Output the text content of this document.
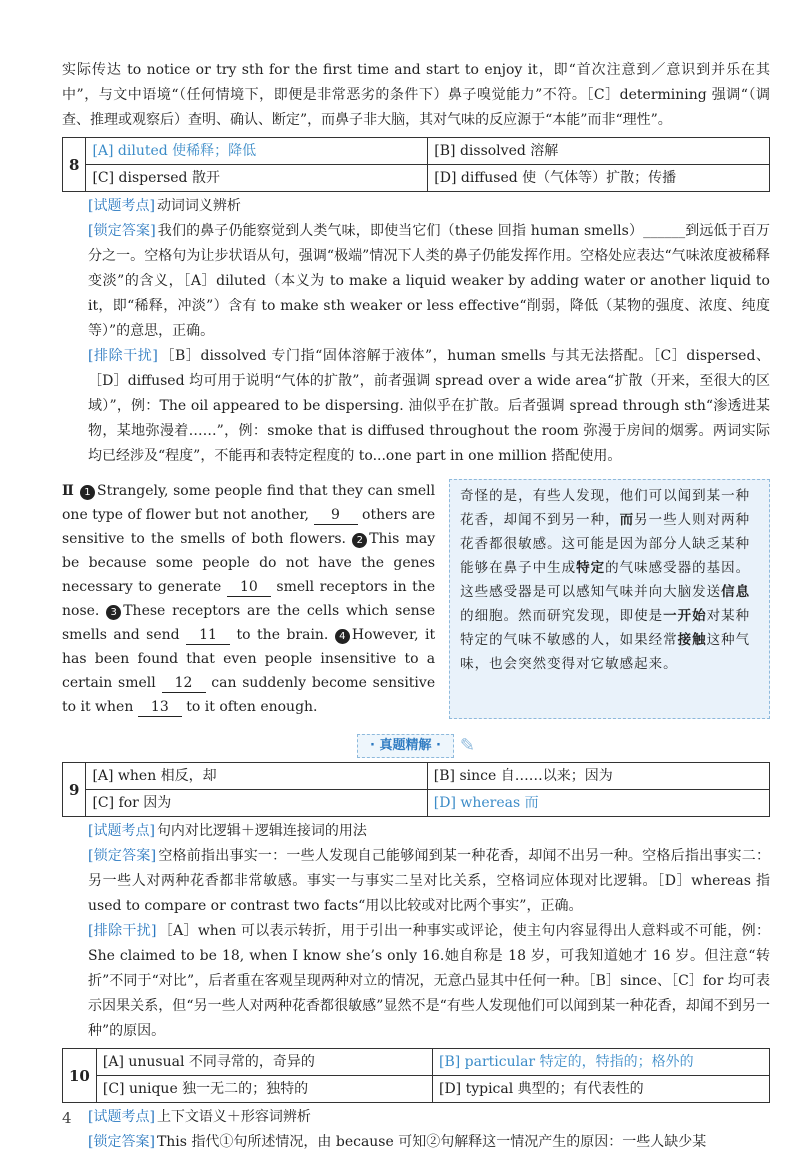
实际传达 to notice or try sth for the first time and start to enjoy it，即“首次注意到／意识到并乐在其中”，与文中语境“（任何情境下，即便是非常恶劣的条件下）鼻子嗅觉能力”不符。［C］determining 强调“（调查、推理或观察后）查明、确认、断定”，而鼻子非大脑，其对气味的反应源于“本能”而非“理性”。

8	[A] diluted 使稀释；降低	[B] dissolved 溶解
	[C] dispersed 散开	[D] diffused 使（气体等）扩散；传播

[ 试题考点 ] 动词词义辨析

[ 锁定答案 ] 我们的鼻子仍能察觉到人类气味，即使当它们（these 回指 human smells）______到远低于百万分之一。空格句为让步状语从句，强调“极端”情况下人类的鼻子仍能发挥作用。空格处应表达“气味浓度被稀释变淡”的含义，［A］diluted（本义为 to make a liquid weaker by adding water or another liquid to it，即“稀释，冲淡”）含有 to make sth weaker or less effective“削弱，降低（某物的强度、浓度、纯度等）”的意思，正确。

[ 排除干扰 ] ［B］dissolved 专门指“固体溶解于液体”，human smells 与其无法搭配。［C］dispersed、［D］diffused 均可用于说明“气体的扩散”，前者强调 spread over a wide area“扩散（开来，至很大的区域）”，例：The oil appeared to be dispersing. 油似乎在扩散。后者强调 spread through sth“渗透进某物，某地弥漫着……”，例：smoke that is diffused throughout the room 弥漫于房间的烟雾。两词实际均已经涉及“程度”，不能再和表特定程度的 to...one part in one million 搭配使用。

Ⅱ 1 Strangely, some people find that they can smell one type of flower but not another, 9 others are sensitive to the smells of both flowers. 2 This may be because some people do not have the genes necessary to generate 10 smell receptors in the nose. 3 These receptors are the cells which sense smells and send 11 to the brain. 4 However, it has been found that even people insensitive to a certain smell 12 can suddenly become sensitive to it when 13 to it often enough.
奇怪的是，有些人发现，他们可以闻到某一种花香，却闻不到另一种，而另一些人则对两种花香都很敏感。这可能是因为部分人缺乏某种能够在鼻子中生成特定的气味感受器的基因。这些感受器是可以感知气味并向大脑发送信息的细胞。然而研究发现，即使是一开始对某种特定的气味不敏感的人，如果经常接触这种气味，也会突然变得对它敏感起来。
· 真题精解 ·	✎
9	[A] when 相反，却	[B] since 自……以来；因为
	[C] for 因为	[D] whereas 而

[ 试题考点 ] 句内对比逻辑＋逻辑连接词的用法

[ 锁定答案 ] 空格前指出事实一：一些人发现自己能够闻到某一种花香，却闻不出另一种。空格后指出事实二：另一些人对两种花香都非常敏感。事实一与事实二呈对比关系，空格词应体现对比逻辑。［D］whereas 指 used to compare or contrast two facts“用以比较或对比两个事实”，正确。

[ 排除干扰 ] ［A］when 可以表示转折，用于引出一种事实或评论，使主句内容显得出人意料或不可能，例：She claimed to be 18, when I know she’s only 16.她自称是 18 岁，可我知道她才 16 岁。但注意“转折”不同于“对比”，后者重在客观呈现两种对立的情况，无意凸显其中任何一种。［B］since、［C］for 均可表示因果关系，但“另一些人对两种花香都很敏感”显然不是“有些人发现他们可以闻到某一种花香，却闻不到另一种”的原因。

10	[A] unusual 不同寻常的，奇异的	[B] particular 特定的，特指的；格外的
	[C] unique 独一无二的；独特的	[D] typical 典型的；有代表性的

[ 试题考点 ] 上下文语义＋形容词辨析

[ 锁定答案 ] This 指代①句所述情况，由 because 可知②句解释这一情况产生的原因：一些人缺少某

4
